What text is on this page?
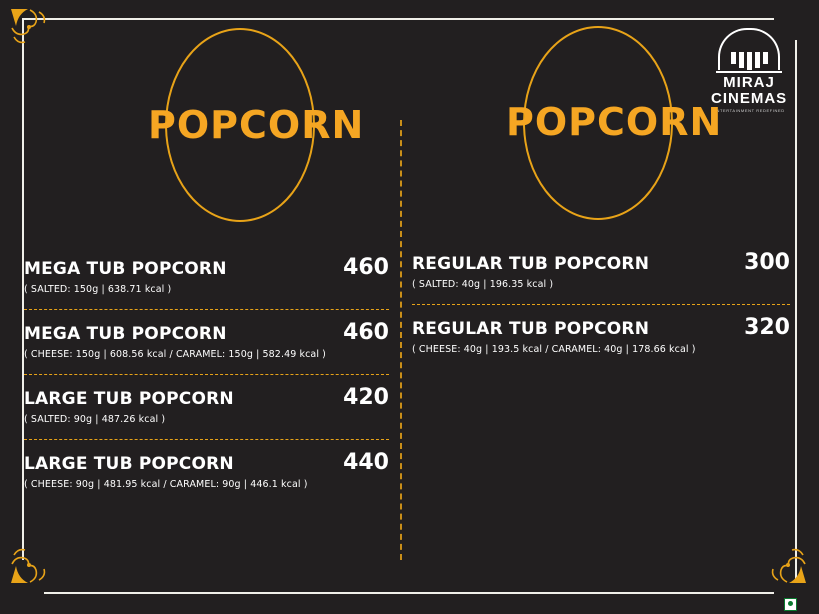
MIRAJ
CINEMAS
ENTERTAINMENT REDEFINED
POPCORN	POPCORN
MEGA TUB POPCORN	460
( SALTED: 150g | 638.71 kcal )
MEGA TUB POPCORN	460
( CHEESE: 150g | 608.56 kcal / CARAMEL: 150g | 582.49 kcal )
LARGE TUB POPCORN	420
( SALTED: 90g | 487.26 kcal )
LARGE TUB POPCORN	440
( CHEESE: 90g | 481.95 kcal / CARAMEL: 90g | 446.1 kcal )
REGULAR TUB POPCORN	300
( SALTED: 40g | 196.35 kcal )
REGULAR TUB POPCORN	320
( CHEESE: 40g | 193.5 kcal / CARAMEL: 40g | 178.66 kcal )
